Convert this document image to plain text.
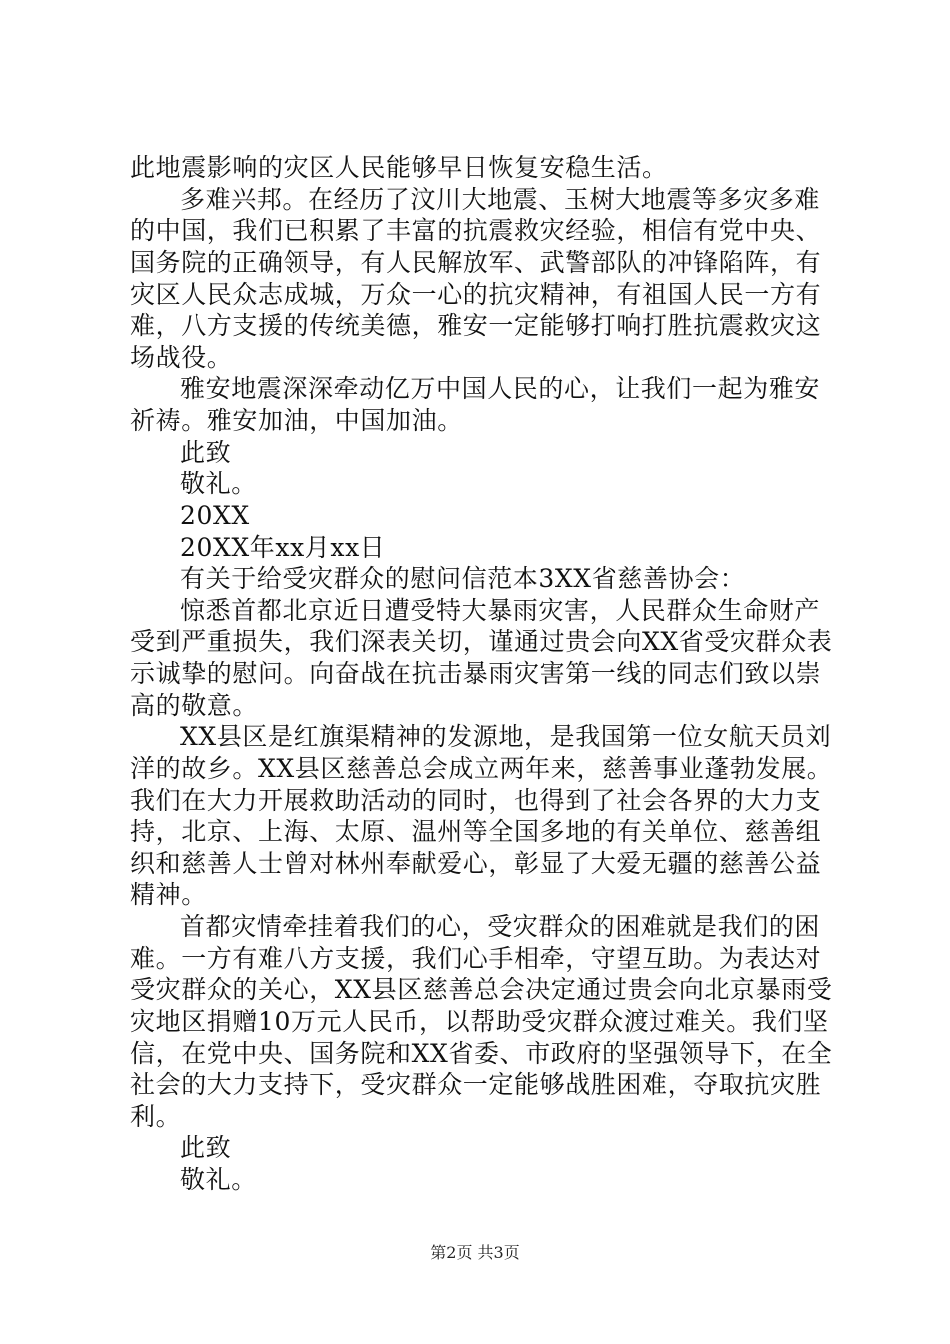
此地震影响的灾区人民能够早日恢复安稳生活。
多难兴邦。在经历了汶川大地震、玉树大地震等多灾多难
的中国，我们已积累了丰富的抗震救灾经验，相信有党中央、
国务院的正确领导，有人民解放军、武警部队的冲锋陷阵，有
灾区人民众志成城，万众一心的抗灾精神，有祖国人民一方有
难，八方支援的传统美德，雅安一定能够打响打胜抗震救灾这
场战役。
雅安地震深深牵动亿万中国人民的心，让我们一起为雅安
祈祷。雅安加油，中国加油。
此致
敬礼。
20XX
20XX年xx月xx日
有关于给受灾群众的慰问信范本3XX省慈善协会：
惊悉首都北京近日遭受特大暴雨灾害，人民群众生命财产
受到严重损失，我们深表关切，谨通过贵会向XX省受灾群众表
示诚挚的慰问。向奋战在抗击暴雨灾害第一线的同志们致以崇
高的敬意。
XX县区是红旗渠精神的发源地，是我国第一位女航天员刘
洋的故乡。XX县区慈善总会成立两年来，慈善事业蓬勃发展。
我们在大力开展救助活动的同时，也得到了社会各界的大力支
持，北京、上海、太原、温州等全国多地的有关单位、慈善组
织和慈善人士曾对林州奉献爱心，彰显了大爱无疆的慈善公益
精神。
首都灾情牵挂着我们的心，受灾群众的困难就是我们的困
难。一方有难八方支援，我们心手相牵，守望互助。为表达对
受灾群众的关心，XX县区慈善总会决定通过贵会向北京暴雨受
灾地区捐赠10万元人民币，以帮助受灾群众渡过难关。我们坚
信，在党中央、国务院和XX省委、市政府的坚强领导下，在全
社会的大力支持下，受灾群众一定能够战胜困难，夺取抗灾胜
利。
此致
敬礼。
第2页 共3页
